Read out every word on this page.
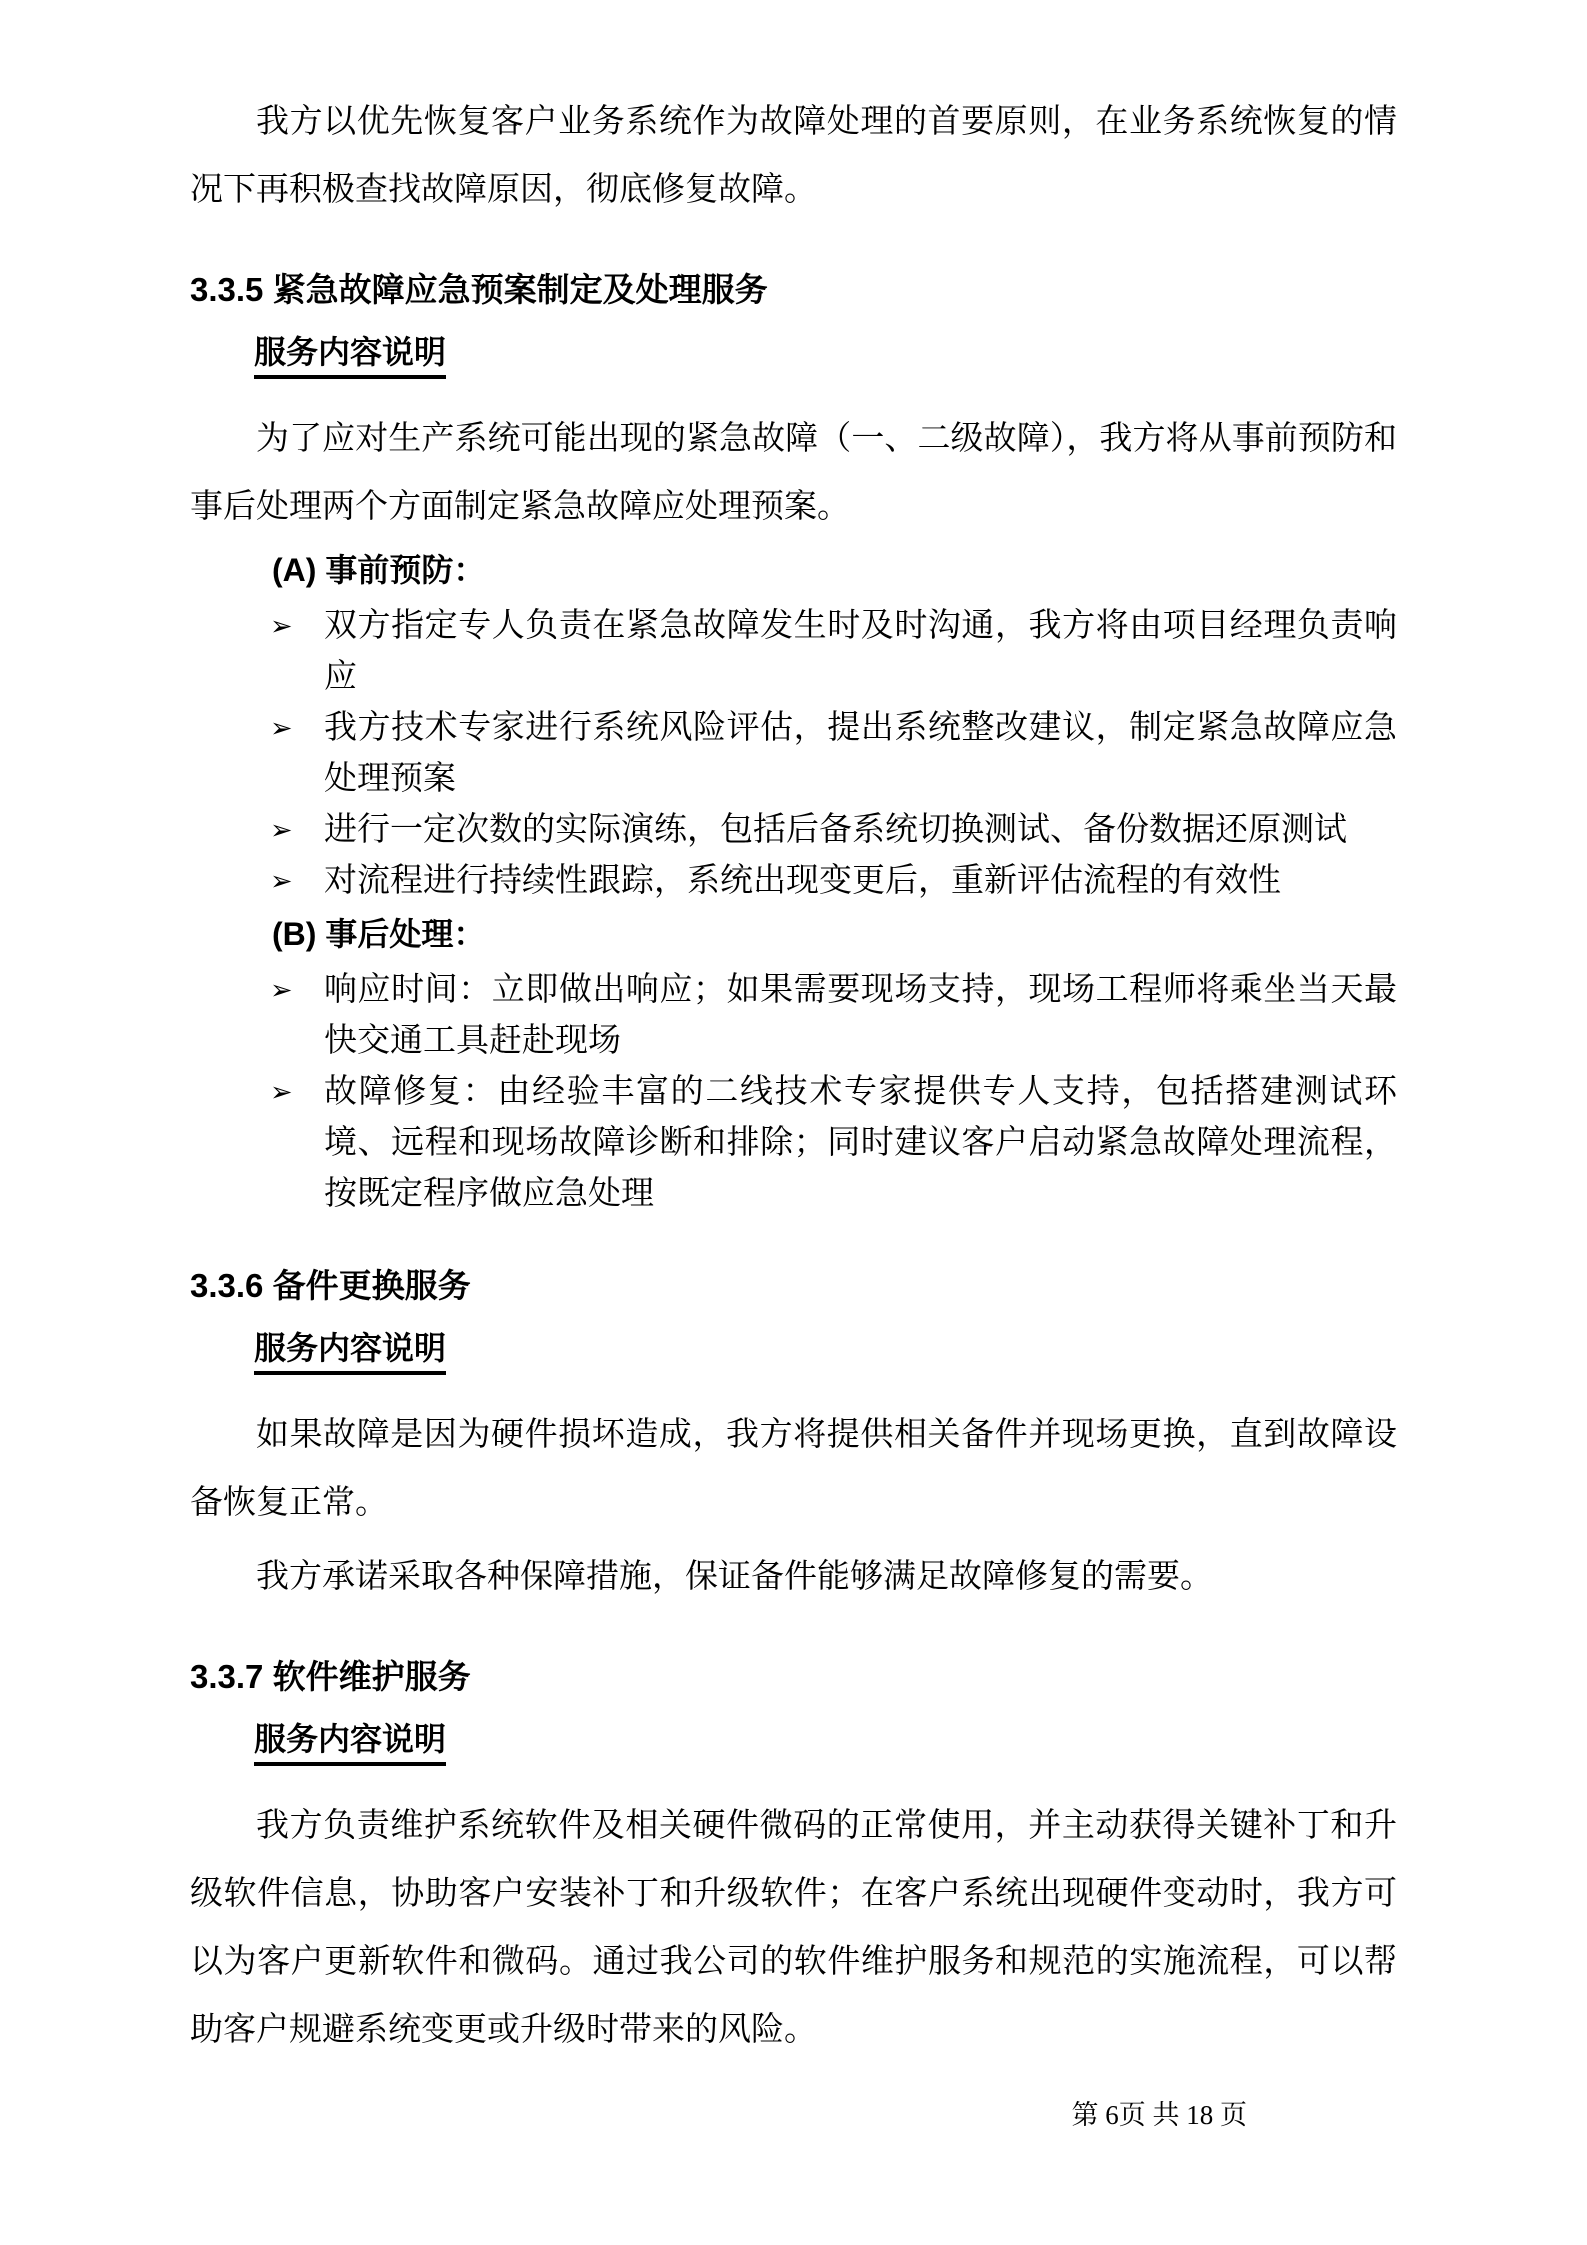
我方以优先恢复客户业务系统作为故障处理的首要原则，在业务系统恢复的情况下再积极查找故障原因，彻底修复故障。

3.3.5 紧急故障应急预案制定及处理服务
服务内容说明

为了应对生产系统可能出现的紧急故障（一、二级故障），我方将从事前预防和事后处理两个方面制定紧急故障应处理预案。

(A) 事前预防：
➢ 双方指定专人负责在紧急故障发生时及时沟通，我方将由项目经理负责响应
➢ 我方技术专家进行系统风险评估，提出系统整改建议，制定紧急故障应急处理预案
➢ 进行一定次数的实际演练，包括后备系统切换测试、备份数据还原测试
➢ 对流程进行持续性跟踪，系统出现变更后，重新评估流程的有效性
(B) 事后处理：
➢ 响应时间：立即做出响应；如果需要现场支持，现场工程师将乘坐当天最快交通工具赶赴现场
➢ 故障修复：由经验丰富的二线技术专家提供专人支持，包括搭建测试环境、远程和现场故障诊断和排除；同时建议客户启动紧急故障处理流程，按既定程序做应急处理
3.3.6 备件更换服务
服务内容说明

如果故障是因为硬件损坏造成，我方将提供相关备件并现场更换，直到故障设备恢复正常。

我方承诺采取各种保障措施，保证备件能够满足故障修复的需要。

3.3.7 软件维护服务
服务内容说明

我方负责维护系统软件及相关硬件微码的正常使用，并主动获得关键补丁和升级软件信息，协助客户安装补丁和升级软件；在客户系统出现硬件变动时，我方可以为客户更新软件和微码。通过我公司的软件维护服务和规范的实施流程，可以帮助客户规避系统变更或升级时带来的风险。

第 6页 共 18 页
